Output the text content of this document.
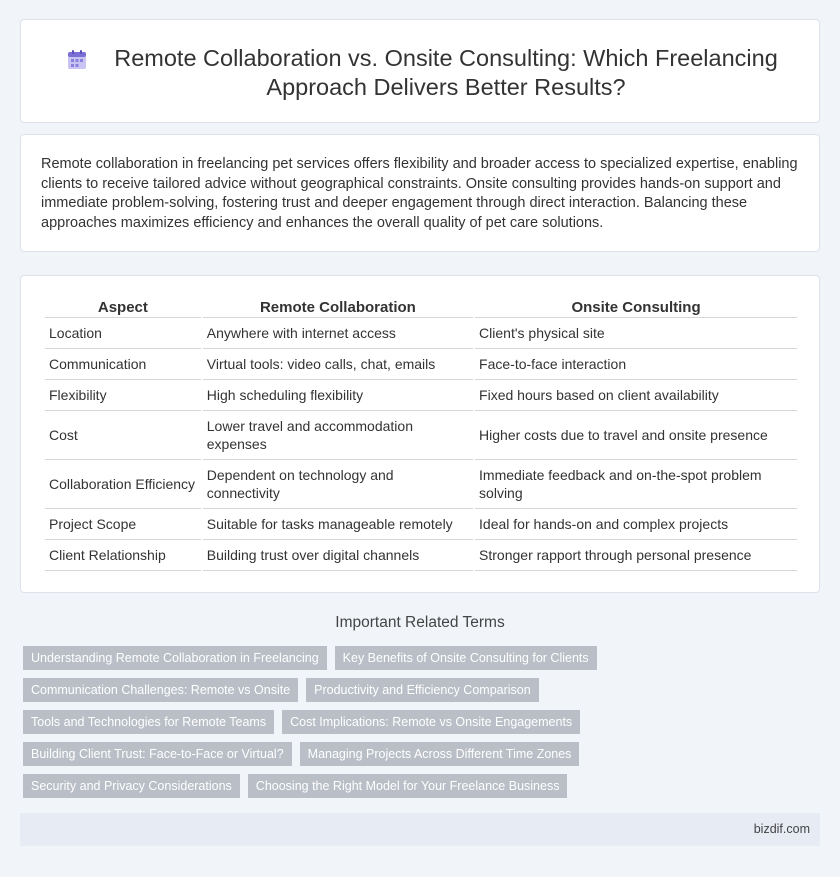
Remote Collaboration vs. Onsite Consulting: Which Freelancing Approach Delivers Better Results?

Remote collaboration in freelancing pet services offers flexibility and broader access to specialized expertise, enabling clients to receive tailored advice without geographical constraints. Onsite consulting provides hands-on support and immediate problem-solving, fostering trust and deeper engagement through direct interaction. Balancing these approaches maximizes efficiency and enhances the overall quality of pet care solutions.

Aspect	Remote Collaboration	Onsite Consulting
Location	Anywhere with internet access	Client's physical site
Communication	Virtual tools: video calls, chat, emails	Face-to-face interaction
Flexibility	High scheduling flexibility	Fixed hours based on client availability
Cost	Lower travel and accommodation expenses	Higher costs due to travel and onsite presence
Collaboration Efficiency	Dependent on technology and connectivity	Immediate feedback and on-the-spot problem solving
Project Scope	Suitable for tasks manageable remotely	Ideal for hands-on and complex projects
Client Relationship	Building trust over digital channels	Stronger rapport through personal presence
Important Related Terms
Understanding Remote Collaboration in Freelancing	Key Benefits of Onsite Consulting for Clients
Communication Challenges: Remote vs Onsite	Productivity and Efficiency Comparison
Tools and Technologies for Remote Teams	Cost Implications: Remote vs Onsite Engagements
Building Client Trust: Face-to-Face or Virtual?	Managing Projects Across Different Time Zones
Security and Privacy Considerations	Choosing the Right Model for Your Freelance Business
bizdif.com
